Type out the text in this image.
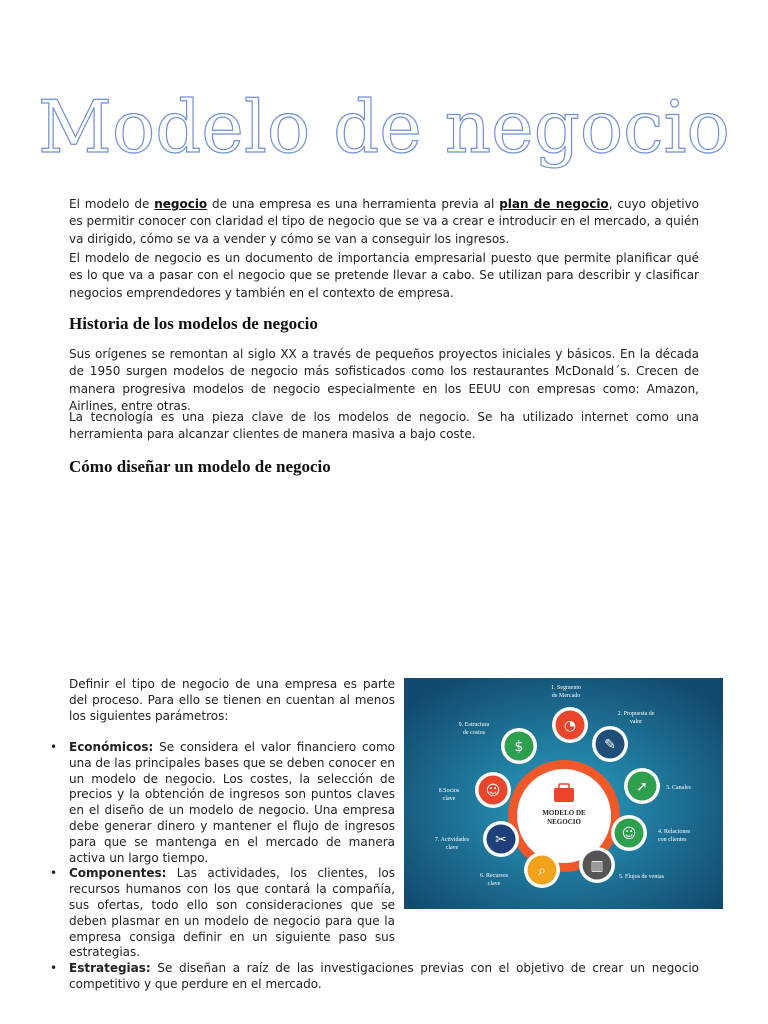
Modelo de negocio
El modelo de negocio de una empresa es una herramienta previa al plan de negocio, cuyo objetivo es permitir conocer con claridad el tipo de negocio que se va a crear e introducir en el mercado, a quién va dirigido, cómo se va a vender y cómo se van a conseguir los ingresos.
El modelo de negocio es un documento de importancia empresarial puesto que permite planificar qué es lo que va a pasar con el negocio que se pretende llevar a cabo. Se utilizan para describir y clasificar negocios emprendedores y también en el contexto de empresa.
Historia de los modelos de negocio
Sus orígenes se remontan al siglo XX a través de pequeños proyectos iniciales y básicos. En la década de 1950 surgen modelos de negocio más sofisticados como los restaurantes McDonald´s. Crecen de manera progresiva modelos de negocio especialmente en los EEUU con empresas como: Amazon, Airlines, entre otras.
La tecnología es una pieza clave de los modelos de negocio. Se ha utilizado internet como una herramienta para alcanzar clientes de manera masiva a bajo coste.
Cómo diseñar un modelo de negocio
Definir el tipo de negocio de una empresa es parte del proceso. Para ello se tienen en cuentan al menos los siguientes parámetros:
• Económicos: Se considera el valor financiero como una de las principales bases que se deben conocer en un modelo de negocio. Los costes, la selección de precios y la obtención de ingresos son puntos claves en el diseño de un modelo de negocio. Una empresa debe generar dinero y mantener el flujo de ingresos para que se mantenga en el mercado de manera activa un largo tiempo.
• Componentes: Las actividades, los clientes, los recursos humanos con los que contará la compañía, sus ofertas, todo ello son consideraciones que se deben plasmar en un modelo de negocio para que la empresa consiga definir en un siguiente paso sus estrategias.
• Estrategias: Se diseñan a raíz de las investigaciones previas con el objetivo de crear un negocio competitivo y que perdure en el mercado.
MODELO DE
NEGOCIO
◔
1. Segmento
de Mercado
✎
2. Propuesta de
valor
➚	3. Canales
☺	4. Relaciones
con clientes
▥
5. Flujos de ventas
⌕
6. Recursos
clave
✂
7. Actividades
clave
☺
8.Socios
clave
$
9. Estructura
de costos
